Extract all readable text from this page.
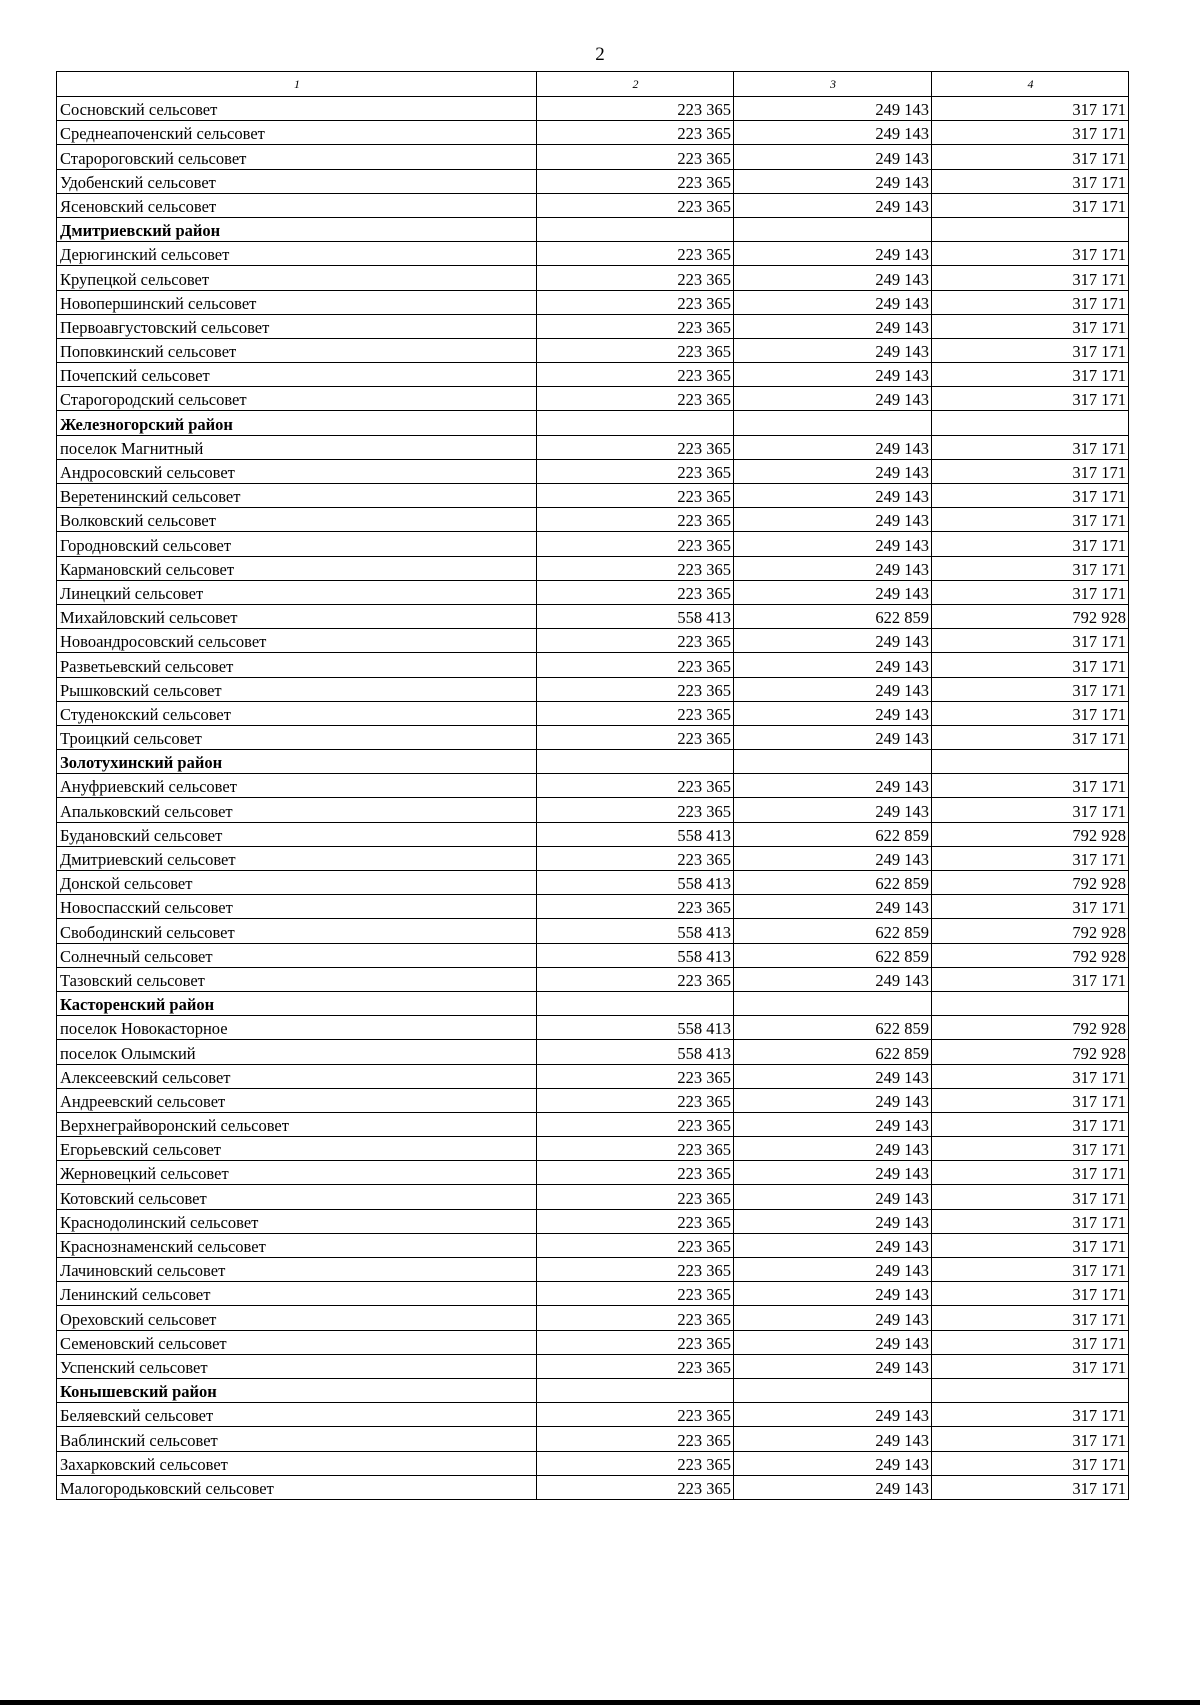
2
1	2	3	4
Сосновский сельсовет	223 365	249 143	317 171
Среднеапоченский сельсовет	223 365	249 143	317 171
Старороговский сельсовет	223 365	249 143	317 171
Удобенский сельсовет	223 365	249 143	317 171
Ясеновский сельсовет	223 365	249 143	317 171
Дмитриевский район			
Дерюгинский сельсовет	223 365	249 143	317 171
Крупецкой сельсовет	223 365	249 143	317 171
Новопершинский сельсовет	223 365	249 143	317 171
Первоавгустовский сельсовет	223 365	249 143	317 171
Поповкинский сельсовет	223 365	249 143	317 171
Почепский сельсовет	223 365	249 143	317 171
Старогородский сельсовет	223 365	249 143	317 171
Железногорский район			
поселок Магнитный	223 365	249 143	317 171
Андросовский сельсовет	223 365	249 143	317 171
Веретенинский сельсовет	223 365	249 143	317 171
Волковский сельсовет	223 365	249 143	317 171
Городновский сельсовет	223 365	249 143	317 171
Кармановский сельсовет	223 365	249 143	317 171
Линецкий сельсовет	223 365	249 143	317 171
Михайловский сельсовет	558 413	622 859	792 928
Новоандросовский сельсовет	223 365	249 143	317 171
Разветьевский сельсовет	223 365	249 143	317 171
Рышковский сельсовет	223 365	249 143	317 171
Студенокский сельсовет	223 365	249 143	317 171
Троицкий сельсовет	223 365	249 143	317 171
Золотухинский район			
Ануфриевский сельсовет	223 365	249 143	317 171
Апальковский сельсовет	223 365	249 143	317 171
Будановский сельсовет	558 413	622 859	792 928
Дмитриевский сельсовет	223 365	249 143	317 171
Донской сельсовет	558 413	622 859	792 928
Новоспасский сельсовет	223 365	249 143	317 171
Свободинский сельсовет	558 413	622 859	792 928
Солнечный сельсовет	558 413	622 859	792 928
Тазовский сельсовет	223 365	249 143	317 171
Касторенский район			
поселок Новокасторное	558 413	622 859	792 928
поселок Олымский	558 413	622 859	792 928
Алексеевский сельсовет	223 365	249 143	317 171
Андреевский сельсовет	223 365	249 143	317 171
Верхнеграйворонский сельсовет	223 365	249 143	317 171
Егорьевский сельсовет	223 365	249 143	317 171
Жерновецкий сельсовет	223 365	249 143	317 171
Котовский сельсовет	223 365	249 143	317 171
Краснодолинский сельсовет	223 365	249 143	317 171
Краснознаменский сельсовет	223 365	249 143	317 171
Лачиновский сельсовет	223 365	249 143	317 171
Ленинский сельсовет	223 365	249 143	317 171
Ореховский сельсовет	223 365	249 143	317 171
Семеновский сельсовет	223 365	249 143	317 171
Успенский сельсовет	223 365	249 143	317 171
Конышевский район			
Беляевский сельсовет	223 365	249 143	317 171
Ваблинский сельсовет	223 365	249 143	317 171
Захарковский сельсовет	223 365	249 143	317 171
Малогородьковский сельсовет	223 365	249 143	317 171
